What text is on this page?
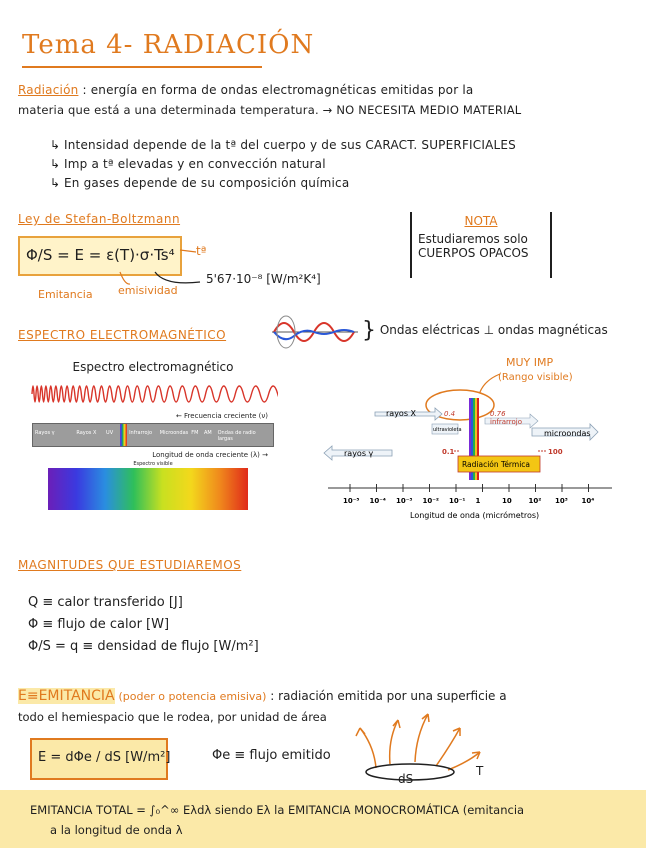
Tema 4- RADIACIÓN
Radiación : energía en forma de ondas electromagnéticas emitidas por la
materia que está a una determinada temperatura. → NO NECESITA MEDIO MATERIAL
↳ Intensidad depende de la tª del cuerpo y de sus CARACT. SUPERFICIALES
↳ Imp a tª elevadas y en convección natural
↳ En gases depende de su composición química
Ley de Stefan-Boltzmann
Φ/S = E = ε(T)·σ·Ts⁴	tª
5'67·10⁻⁸ [W/m²K⁴]
Emitancia emisividad
NOTA
Estudiaremos solo
CUERPOS OPACOS
ESPECTRO ELECTROMAGNÉTICO	} Ondas eléctricas ⊥ ondas magnéticas
Espectro electromagnético
← Frecuencia creciente (ν)
Rayos γ	Rayos X	UV	Infrarrojo	Microondas FM	AM	Ondas de radio largas
Longitud de onda creciente (λ) →
Espectro visible
MUY IMP
(Rango visible)
rayos X
rayos γ
ultravioleta
0.4	0.76
infrarrojo
microondas
0.1	100
Radiación Térmica
10⁻⁵ 10⁻⁴ 10⁻³ 10⁻² 10⁻¹ 1	10 10² 10³ 10⁴
Longitud de onda (micrómetros)
MAGNITUDES QUE ESTUDIAREMOS
Q ≡ calor transferido [J]
Φ ≡ flujo de calor [W]
Φ/S = q ≡ densidad de flujo [W/m²]
E≡EMITANCIA (poder o potencia emisiva) : radiación emitida por una superficie a
todo el hemiespacio que le rodea, por unidad de área
E = dΦe / dS [W/m²]	Φe ≡ flujo emitido
dS
T
EMITANCIA TOTAL = ∫₀^∞ Eλdλ siendo Eλ la EMITANCIA MONOCROMÁTICA (emitancia
a la longitud de onda λ
